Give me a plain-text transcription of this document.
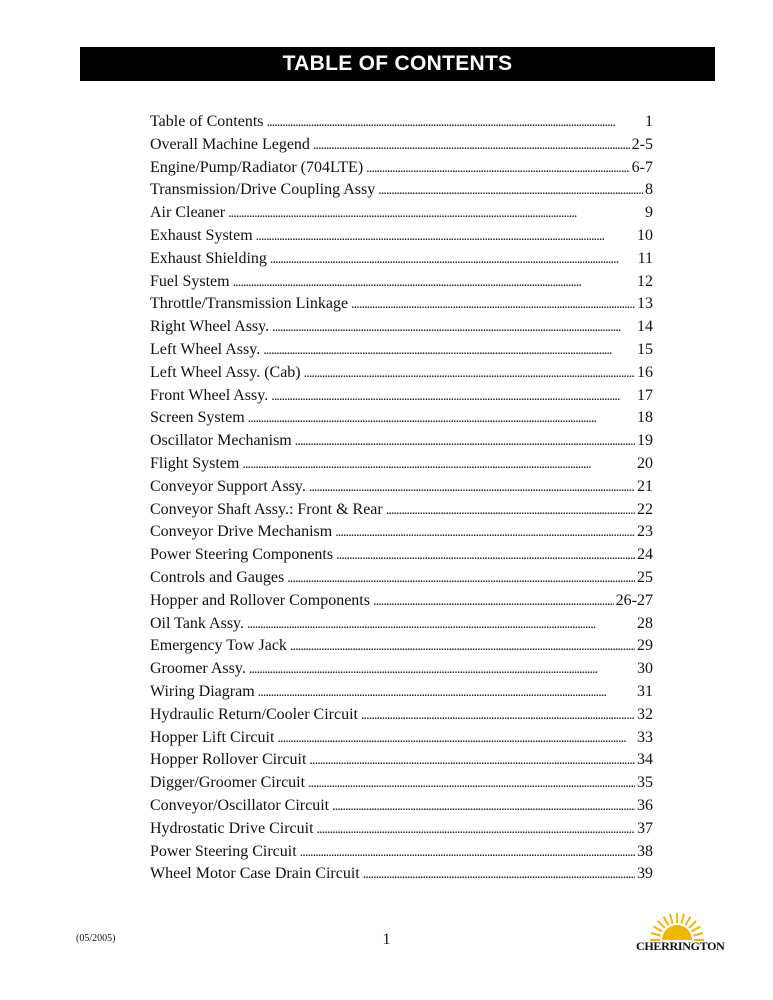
TABLE OF CONTENTS
Table of Contents . . .	1
Overall Machine Legend . . .	2-5
Engine/Pump/Radiator (704LTE) . . .	6-7
Transmission/Drive Coupling Assy . . .	8
Air Cleaner . . .	9
Exhaust System . . .	10
Exhaust Shielding . . .	11
Fuel System . . .	12
Throttle/Transmission Linkage . . .	13
Right Wheel Assy. . . .	14
Left Wheel Assy. . . .	15
Left Wheel Assy. (Cab) . . .	16
Front Wheel Assy. . . .	17
Screen System . . .	18
Oscillator Mechanism . . .	19
Flight System . . .	20
Conveyor Support Assy. . . .	21
Conveyor Shaft Assy.: Front & Rear . . .	22
Conveyor Drive Mechanism . . .	23
Power Steering Components . . .	24
Controls and Gauges . . .	25
Hopper and Rollover Components . . .	26-27
Oil Tank Assy. . . .	28
Emergency Tow Jack . . .	29
Groomer Assy. . . .	30
Wiring Diagram . . .	31
Hydraulic Return/Cooler Circuit . . .	32
Hopper Lift Circuit . . .	33
Hopper Rollover Circuit . . .	34
Digger/Groomer Circuit . . .	35
Conveyor/Oscillator Circuit . . .	36
Hydrostatic Drive Circuit . . .	37
Power Steering Circuit . . .	38
Wheel Motor Case Drain Circuit . . .	39
(05/2005)	1	CHERRINGTON
